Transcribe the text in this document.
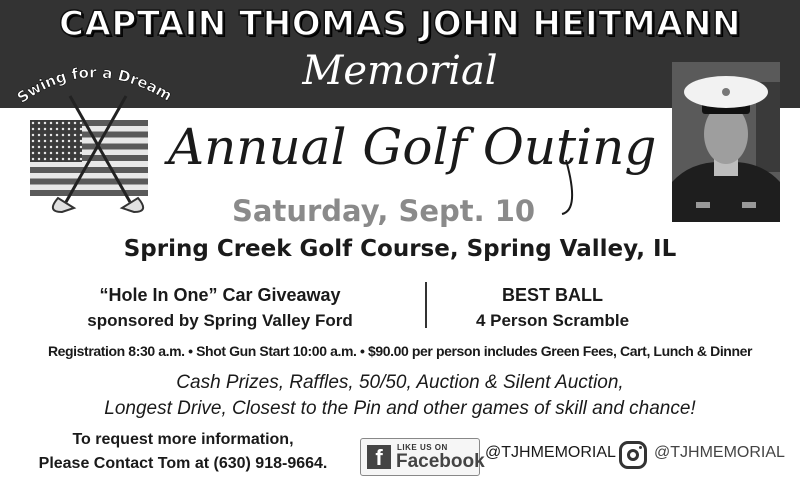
CAPTAIN THOMAS JOHN HEITMANN
Memorial
Swing for a Dream
Annual Golf Outing
Saturday, Sept. 10
Spring Creek Golf Course, Spring Valley, IL
“Hole In One” Car Giveaway
sponsored by Spring Valley Ford
BEST BALL
4 Person Scramble
Registration 8:30 a.m. • Shot Gun Start 10:00 a.m. • $90.00 per person includes Green Fees, Cart, Lunch & Dinner
Cash Prizes, Raffles, 50/50, Auction & Silent Auction,
Longest Drive, Closest to the Pin and other games of skill and chance!
To request more information,
Please Contact Tom at (630) 918-9664.	f	LIKE US ON
Facebook @TJHMEMORIAL @TJHMEMORIAL
